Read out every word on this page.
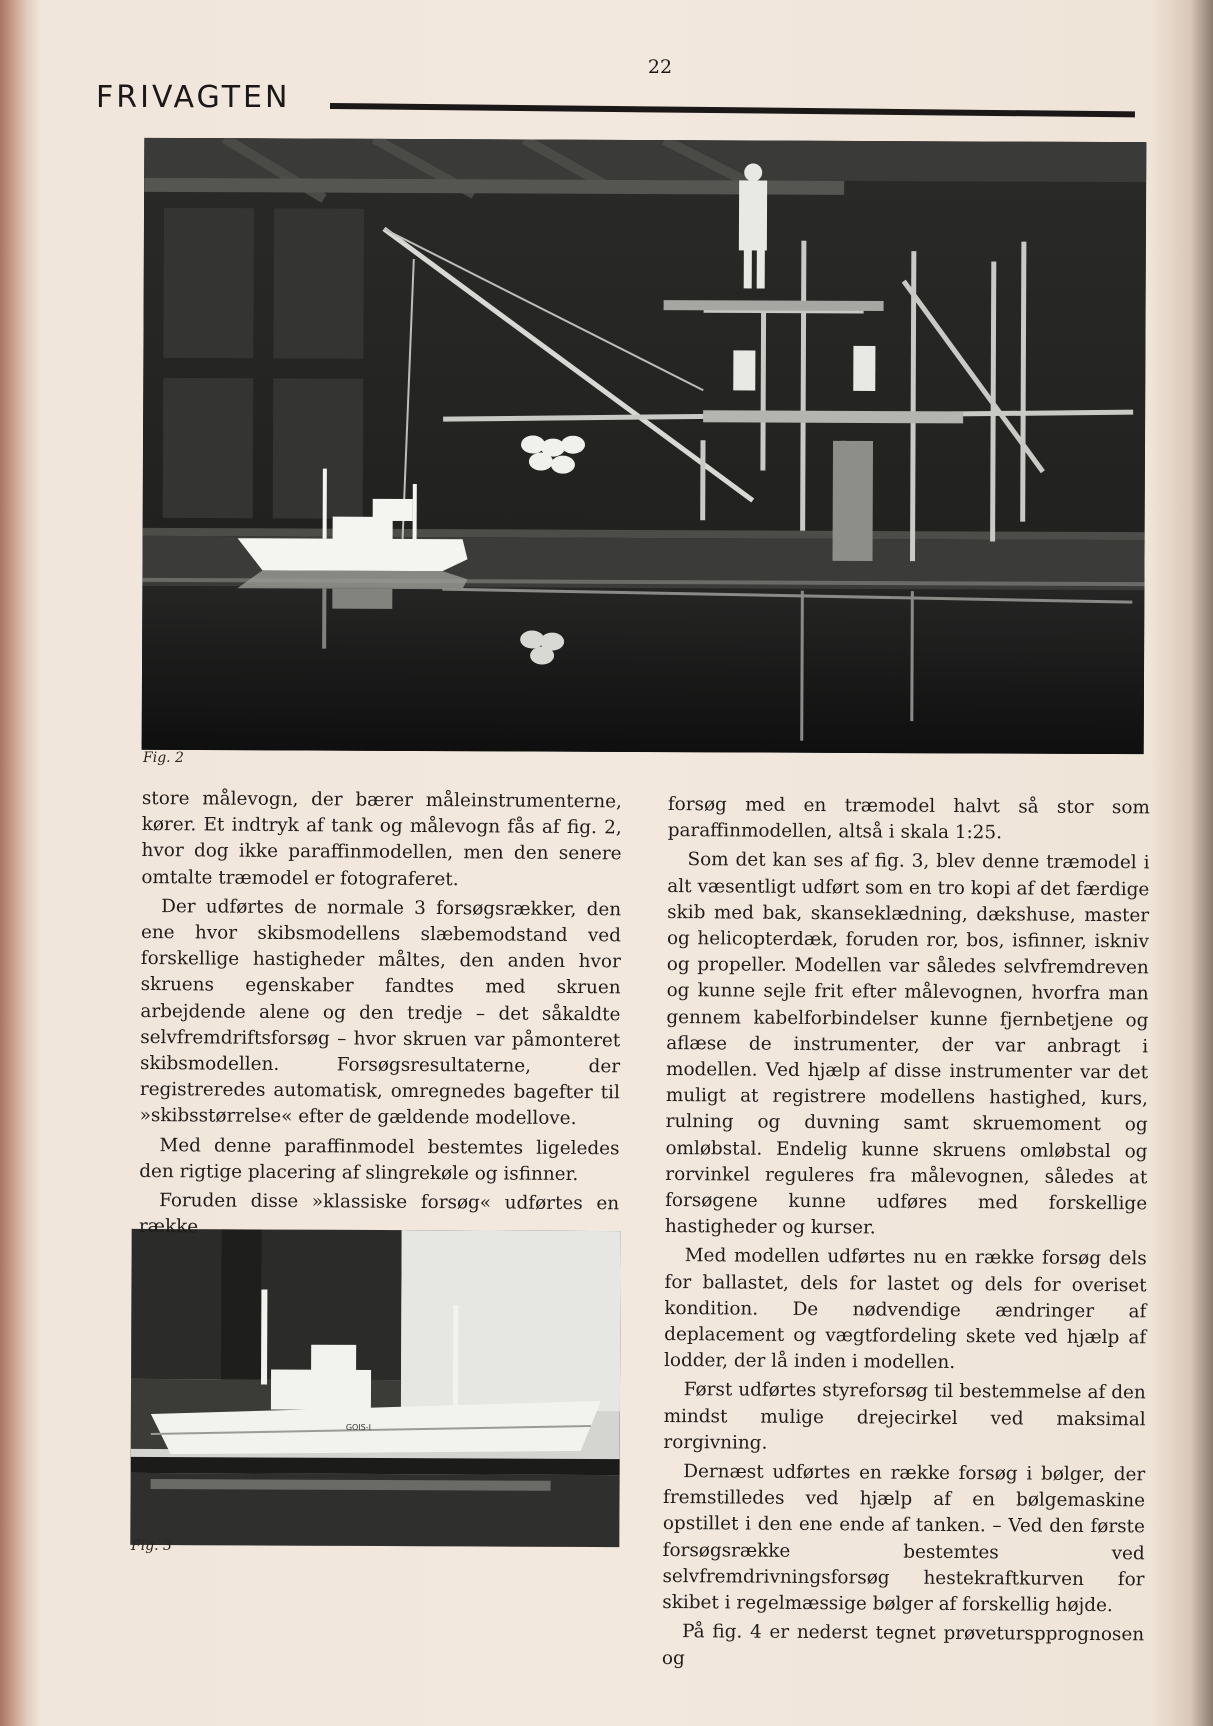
22
FRIVAGTEN
Fig. 2
GOIS-I
Fig. 3

store målevogn, der bærer måleinstrumenterne, kører. Et indtryk af tank og målevogn fås af fig. 2, hvor dog ikke paraffinmodellen, men den senere omtalte træmodel er fotograferet.

Der udførtes de normale 3 forsøgsrækker, den ene hvor skibsmodellens slæbemodstand ved forskellige hastigheder måltes, den anden hvor skruens egenskaber fandtes med skruen arbejdende alene og den tredje – det såkaldte selvfremdriftsforsøg – hvor skruen var påmonteret skibsmodellen. Forsøgsresultaterne, der registreredes automatisk, omregnedes bagefter til »skibsstørrelse« efter de gældende modellove.

Med denne paraffinmodel bestemtes ligeledes den rigtige placering af slingrekøle og isfinner.

Foruden disse »klassiske forsøg« udførtes en række

forsøg med en træmodel halvt så stor som paraffinmodellen, altså i skala 1:25.

Som det kan ses af fig. 3, blev denne træmodel i alt væsentligt udført som en tro kopi af det færdige skib med bak, skanseklædning, dækshuse, master og helicopterdæk, foruden ror, bos, isfinner, iskniv og propeller. Modellen var således selvfremdreven og kunne sejle frit efter målevognen, hvorfra man gennem kabelforbindelser kunne fjernbetjene og aflæse de instrumenter, der var anbragt i modellen. Ved hjælp af disse instrumenter var det muligt at registrere modellens hastighed, kurs, rulning og duvning samt skruemoment og omløbstal. Endelig kunne skruens omløbstal og rorvinkel reguleres fra målevognen, således at forsøgene kunne udføres med forskellige hastigheder og kurser.

Med modellen udførtes nu en række forsøg dels for ballastet, dels for lastet og dels for overiset kondition. De nødvendige ændringer af deplacement og vægtfordeling skete ved hjælp af lodder, der lå inden i modellen.

Først udførtes styreforsøg til bestemmelse af den mindst mulige drejecirkel ved maksimal rorgivning.

Dernæst udførtes en række forsøg i bølger, der fremstilledes ved hjælp af en bølgemaskine opstillet i den ene ende af tanken. – Ved den første forsøgsrække bestemtes ved selvfremdrivningsforsøg hestekraftkurven for skibet i regelmæssige bølger af forskellig højde.

På fig. 4 er nederst tegnet prøveturspprognosen og
